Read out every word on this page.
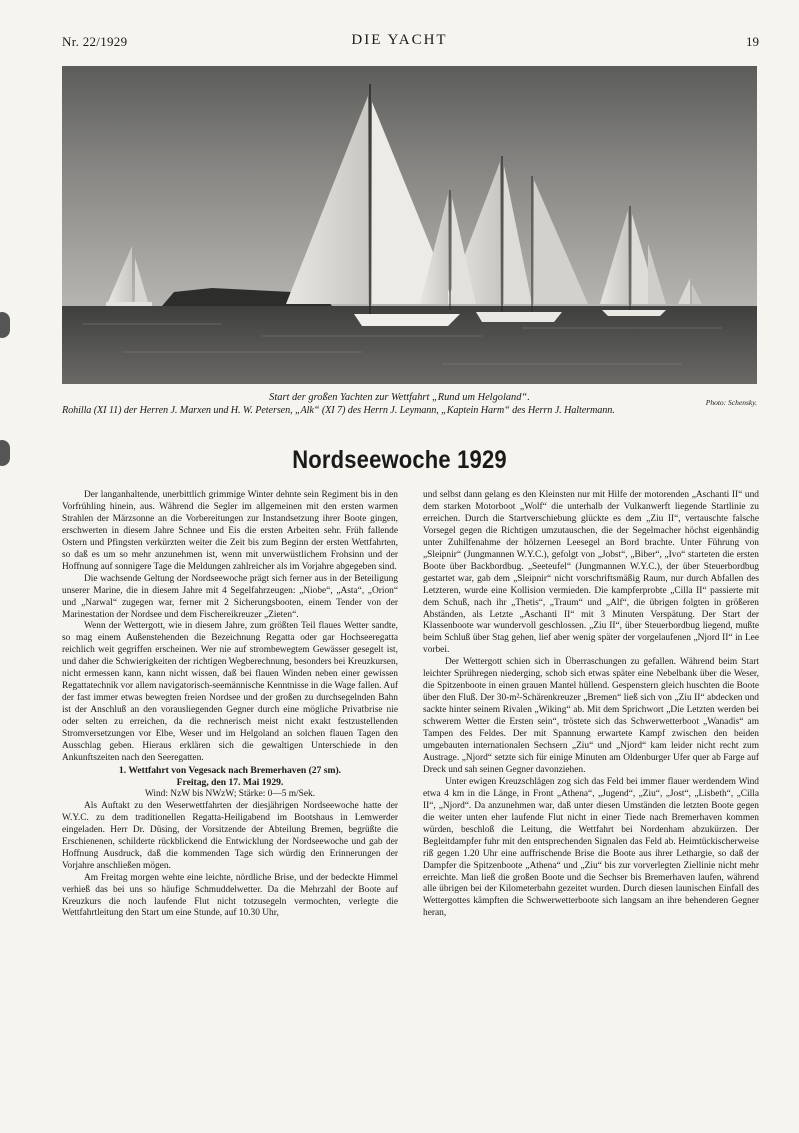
Nr. 22/1929	DIE YACHT	19
Photo: Schensky.
Start der großen Yachten zur Wettfahrt „Rund um Helgoland“.
Rohilla (XI 11) der Herren J. Marxen und H. W. Petersen, „Alk“ (XI 7) des Herrn J. Leymann, „Kaptein Harm“ des Herrn J. Haltermann.
Nordseewoche 1929

Der langanhaltende, unerbittlich grimmige Winter dehnte sein Regiment bis in den Vorfrühling hinein, aus. Während die Segler im allgemeinen mit den ersten warmen Strahlen der Märzsonne an die Vorbereitungen zur Instandsetzung ihrer Boote gingen, erschwerten in diesem Jahre Schnee und Eis die ersten Arbeiten sehr. Früh fallende Ostern und Pfingsten verkürzten weiter die Zeit bis zum Beginn der ersten Wettfahrten, so daß es um so mehr anzunehmen ist, wenn mit unverwüstlichem Frohsinn und der Hoffnung auf sonnigere Tage die Meldungen zahlreicher als im Vorjahre abgegeben sind.

Die wachsende Geltung der Nordseewoche prägt sich ferner aus in der Beteiligung unserer Marine, die in diesem Jahre mit 4 Segelfahrzeugen: „Niobe“, „Asta“, „Orion“ und „Narwal“ zugegen war, ferner mit 2 Sicherungsbooten, einem Tender von der Marinestation der Nordsee und dem Fischereikreuzer „Zieten“.

Wenn der Wettergott, wie in diesem Jahre, zum größten Teil flaues Wetter sandte, so mag einem Außenstehenden die Bezeichnung Regatta oder gar Hochseeregatta reichlich weit gegriffen erscheinen. Wer nie auf strombewegtem Gewässer gesegelt ist, und daher die Schwierigkeiten der richtigen Wegberechnung, besonders bei Kreuzkursen, nicht ermessen kann, kann nicht wissen, daß bei flauen Winden neben einer gewissen Regattatechnik vor allem navigatorisch-seemännische Kenntnisse in die Wage fallen. Auf der fast immer etwas bewegten freien Nordsee und der großen zu durchsegelnden Bahn ist der Anschluß an den vorausliegenden Gegner durch eine mögliche Privatbrise nie oder selten zu erreichen, da die rechnerisch meist nicht exakt festzustellenden Stromversetzungen vor Elbe, Weser und im Helgoland an solchen flauen Tagen den Ausschlag geben. Hieraus erklären sich die gewaltigen Unterschiede in den Ankunftszeiten nach den Seeregatten.

1. Wettfahrt von Vegesack nach Bremerhaven (27 sm).

Freitag, den 17. Mai 1929.

Wind: NzW bis NWzW; Stärke: 0—5 m/Sek.

Als Auftakt zu den Weserwettfahrten der diesjährigen Nordseewoche hatte der W.Y.C. zu dem traditionellen Regatta-Heiligabend im Bootshaus in Lemwerder eingeladen. Herr Dr. Düsing, der Vorsitzende der Abteilung Bremen, begrüßte die Erschienenen, schilderte rückblickend die Entwicklung der Nordseewoche und gab der Hoffnung Ausdruck, daß die kommenden Tage sich würdig den Erinnerungen der Vorjahre anschließen mögen.

Am Freitag morgen wehte eine leichte, nördliche Brise, und der bedeckte Himmel verhieß das bei uns so häufige Schmuddelwetter. Da die Mehrzahl der Boote auf Kreuzkurs die noch laufende Flut nicht totzusegeln vermochten, verlegte die Wettfahrtleitung den Start um eine Stunde, auf 10.30 Uhr,

und selbst dann gelang es den Kleinsten nur mit Hilfe der motorenden „Aschanti II“ und dem starken Motorboot „Wolf“ die unterhalb der Vulkanwerft liegende Startlinie zu erreichen. Durch die Startverschiebung glückte es dem „Ziu II“, vertauschte falsche Vorsegel gegen die Richtigen umzutauschen, die der Segelmacher höchst eigenhändig unter Zuhilfenahme der hölzernen Leesegel an Bord brachte. Unter Führung von „Sleipnir“ (Jungmannen W.Y.C.), gefolgt von „Jobst“, „Biber“, „Ivo“ starteten die ersten Boote über Backbordbug. „Seeteufel“ (Jungmannen W.Y.C.), der über Steuerbordbug gestartet war, gab dem „Sleipnir“ nicht vorschriftsmäßig Raum, nur durch Abfallen des Letzteren, wurde eine Kollision vermieden. Die kampferprobte „Cilla II“ passierte mit dem Schuß, nach ihr „Thetis“, „Traum“ und „Alf“, die übrigen folgten in größeren Abständen, als Letzte „Aschanti II“ mit 3 Minuten Verspätung. Der Start der Klassenboote war wundervoll geschlossen. „Ziu II“, über Steuerbordbug liegend, mußte beim Schluß über Stag gehen, lief aber wenig später der vorgelaufenen „Njord II“ in Lee vorbei.

Der Wettergott schien sich in Überraschungen zu gefallen. Während beim Start leichter Sprühregen niederging, schob sich etwas später eine Nebelbank über die Weser, die Spitzenboote in einen grauen Mantel hüllend. Gespenstern gleich huschten die Boote über den Fluß. Der 30-m²-Schärenkreuzer „Bremen“ ließ sich von „Ziu II“ abdecken und sackte hinter seinem Rivalen „Wiking“ ab. Mit dem Sprichwort „Die Letzten werden bei schwerem Wetter die Ersten sein“, tröstete sich das Schwerwetterboot „Wanadis“ am Tampen des Feldes. Der mit Spannung erwartete Kampf zwischen den beiden umgebauten internationalen Sechsern „Ziu“ und „Njord“ kam leider nicht recht zum Austrage. „Njord“ setzte sich für einige Minuten am Oldenburger Ufer quer ab Farge auf Dreck und sah seinen Gegner davonziehen.

Unter ewigen Kreuzschlägen zog sich das Feld bei immer flauer werdendem Wind etwa 4 km in die Länge, in Front „Athena“, „Jugend“, „Ziu“, „Jost“, „Lisbeth“, „Cilla II“, „Njord“. Da anzunehmen war, daß unter diesen Umständen die letzten Boote gegen die weiter unten eher laufende Flut nicht in einer Tiede nach Bremerhaven kommen würden, beschloß die Leitung, die Wettfahrt bei Nordenham abzukürzen. Der Begleitdampfer fuhr mit den entsprechenden Signalen das Feld ab. Heimtückischerweise riß gegen 1.20 Uhr eine auffrischende Brise die Boote aus ihrer Lethargie, so daß der Dampfer die Spitzenboote „Athena“ und „Ziu“ bis zur vorverlegten Ziellinie nicht mehr erreichte. Man ließ die großen Boote und die Sechser bis Bremerhaven laufen, während alle übrigen bei der Kilometerbahn gezeitet wurden. Durch diesen launischen Einfall des Wettergottes kämpften die Schwerwetterboote sich langsam an ihre behenderen Gegner heran,
